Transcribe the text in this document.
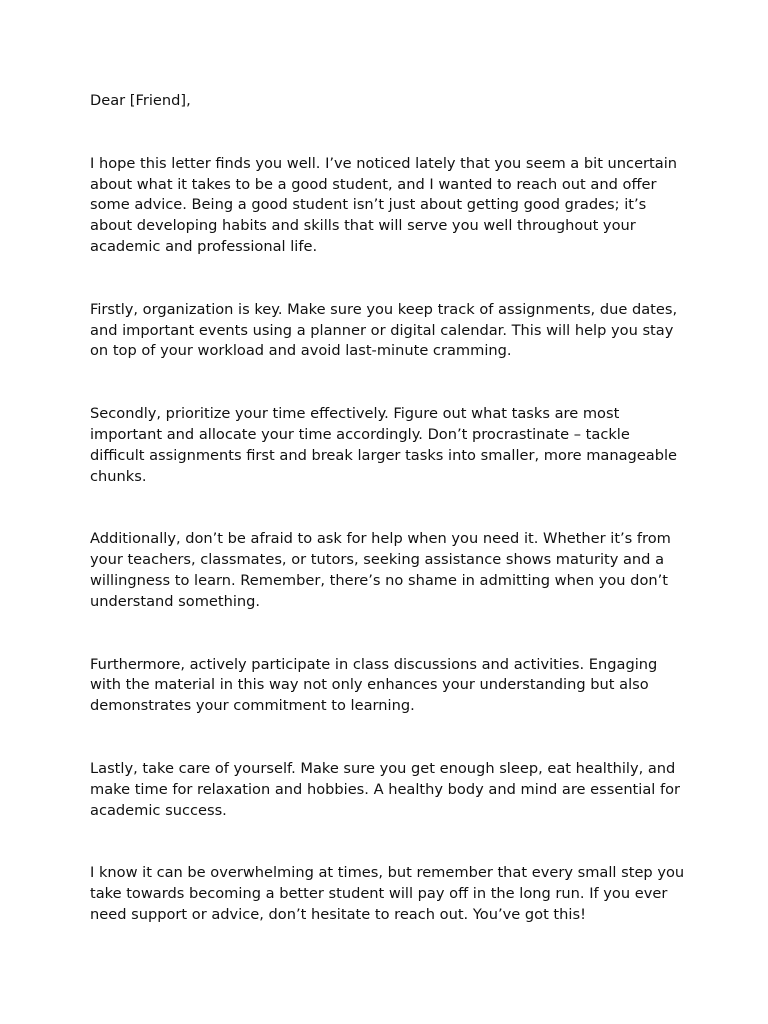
Dear [Friend],

I hope this letter finds you well. I’ve noticed lately that you seem a bit uncertain about what it takes to be a good student, and I wanted to reach out and offer some advice. Being a good student isn’t just about getting good grades; it’s about developing habits and skills that will serve you well throughout your academic and professional life.

Firstly, organization is key. Make sure you keep track of assignments, due dates, and important events using a planner or digital calendar. This will help you stay on top of your workload and avoid last-minute cramming.

Secondly, prioritize your time effectively. Figure out what tasks are most important and allocate your time accordingly. Don’t procrastinate – tackle difficult assignments first and break larger tasks into smaller, more manageable chunks.

Additionally, don’t be afraid to ask for help when you need it. Whether it’s from your teachers, classmates, or tutors, seeking assistance shows maturity and a willingness to learn. Remember, there’s no shame in admitting when you don’t understand something.

Furthermore, actively participate in class discussions and activities. Engaging with the material in this way not only enhances your understanding but also demonstrates your commitment to learning.

Lastly, take care of yourself. Make sure you get enough sleep, eat healthily, and make time for relaxation and hobbies. A healthy body and mind are essential for academic success.

I know it can be overwhelming at times, but remember that every small step you take towards becoming a better student will pay off in the long run. If you ever need support or advice, don’t hesitate to reach out. You’ve got this!
